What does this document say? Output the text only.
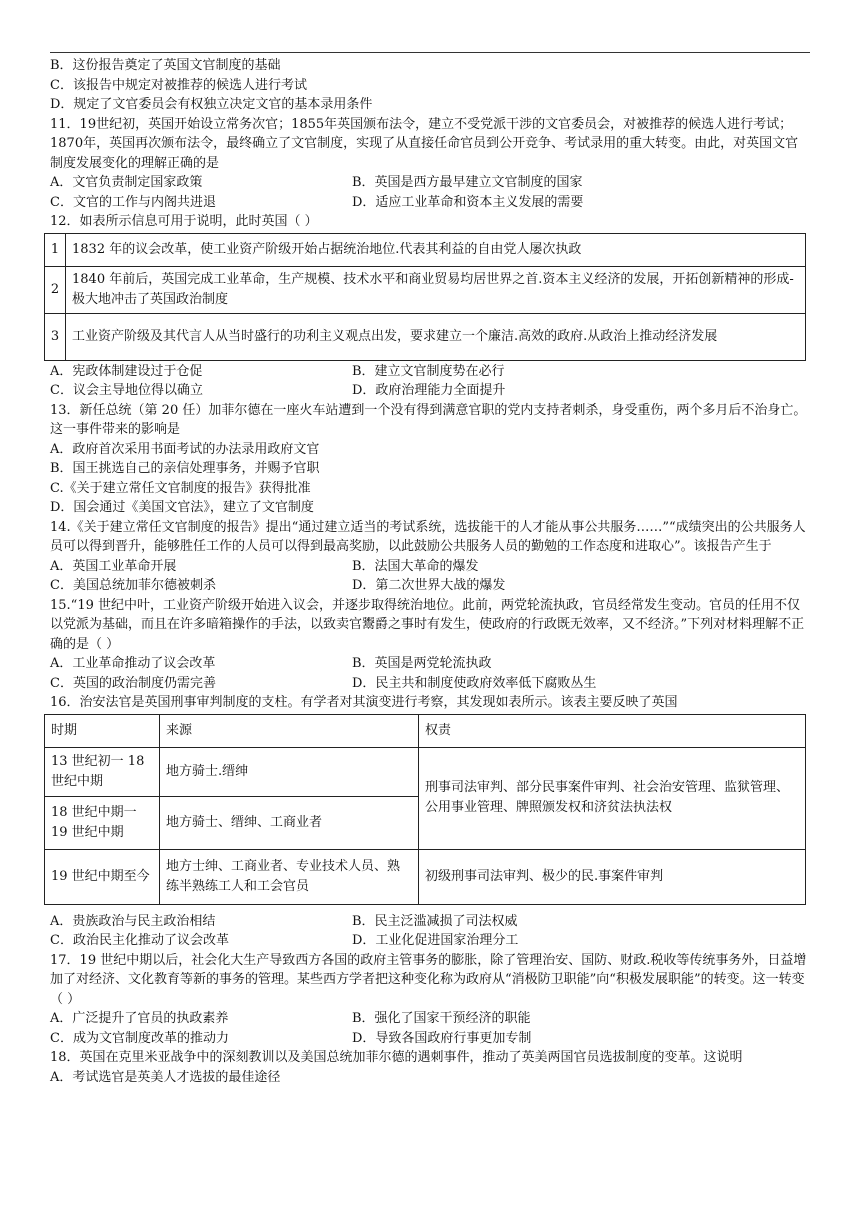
B．这份报告奠定了英国文官制度的基础
C．该报告中规定对被推荐的候选人进行考试
D．规定了文官委员会有权独立决定文官的基本录用条件
11．19世纪初，英国开始设立常务次官；1855年英国颁布法令，建立不受党派干涉的文官委员会，对被推荐的候选人进行考试；1870年，英国再次颁布法令，最终确立了文官制度，实现了从直接任命官员到公开竞争、考试录用的重大转变。由此，对英国文官制度发展变化的理解正确的是
A．文官负责制定国家政策	B．英国是西方最早建立文官制度的国家
C．文官的工作与内阁共进退	D．适应工业革命和资本主义发展的需要
12．如表所示信息可用于说明，此时英国（ ）
1	1832 年的议会改革，使工业资产阶级开始占据统治地位.代表其利益的自由党人屡次执政
2	1840 年前后，英国完成工业革命，生产规模、技术水平和商业贸易均居世界之首.资本主义经济的发展，开拓创新精神的形成-极大地冲击了英国政治制度
3	工业资产阶级及其代言人从当时盛行的功利主义观点出发，要求建立一个廉洁.高效的政府.从政治上推动经济发展
A．宪政体制建设过于仓促	B．建立文官制度势在必行
C．议会主导地位得以确立	D．政府治理能力全面提升
13．新任总统（第 20 任）加菲尔德在一座火车站遭到一个没有得到满意官职的党内支持者刺杀，身受重伤，两个多月后不治身亡。这一事件带来的影响是
A．政府首次采用书面考试的办法录用政府文官
B．国王挑选自己的亲信处理事务，并赐予官职
C.《关于建立常任文官制度的报告》获得批准
D．国会通过《美国文官法》，建立了文官制度
14.《关于建立常任文官制度的报告》提出“通过建立适当的考试系统，选拔能干的人才能从事公共服务……”“成绩突出的公共服务人员可以得到晋升，能够胜任工作的人员可以得到最高奖励，以此鼓励公共服务人员的勤勉的工作态度和进取心”。该报告产生于
A．英国工业革命开展	B．法国大革命的爆发
C．美国总统加菲尔德被刺杀	D．第二次世界大战的爆发
15.“19 世纪中叶，工业资产阶级开始进入议会，并逐步取得统治地位。此前，两党轮流执政，官员经常发生变动。官员的任用不仅以党派为基础，而且在许多暗箱操作的手法，以致卖官鬻爵之事时有发生，使政府的行政既无效率，又不经济。”下列对材料理解不正确的是（ ）
A．工业革命推动了议会改革	B．英国是两党轮流执政
C．英国的政治制度仍需完善	D．民主共和制度使政府效率低下腐败丛生
16．治安法官是英国刑事审判制度的支柱。有学者对其演变进行考察，其发现如表所示。该表主要反映了英国
时期	来源	权责
13 世纪初一 18 世纪中期	地方骑士.缙绅	刑事司法审判、部分民事案件审判、社会治安管理、监狱管理、公用事业管理、牌照颁发权和济贫法执法权
18 世纪中期一 19 世纪中期	地方骑士、缙绅、工商业者	
19 世纪中期至今	地方士绅、工商业者、专业技术人员、熟练半熟练工人和工会官员	初级刑事司法审判、极少的民.事案件审判
A．贵族政治与民主政治相结	B．民主泛滥减损了司法权威
C．政治民主化推动了议会改革	D．工业化促进国家治理分工
17．19 世纪中期以后，社会化大生产导致西方各国的政府主管事务的膨胀，除了管理治安、国防、财政.税收等传统事务外，日益增加了对经济、文化教育等新的事务的管理。某些西方学者把这种变化称为政府从“消极防卫职能”向“积极发展职能”的转变。这一转变（ ）
A．广泛提升了官员的执政素养	B．强化了国家干预经济的职能
C．成为文官制度改革的推动力	D．导致各国政府行事更加专制
18．英国在克里米亚战争中的深刻教训以及美国总统加菲尔德的遇刺事件，推动了英美两国官员选拔制度的变革。这说明
A．考试选官是英美人才选拔的最佳途径
